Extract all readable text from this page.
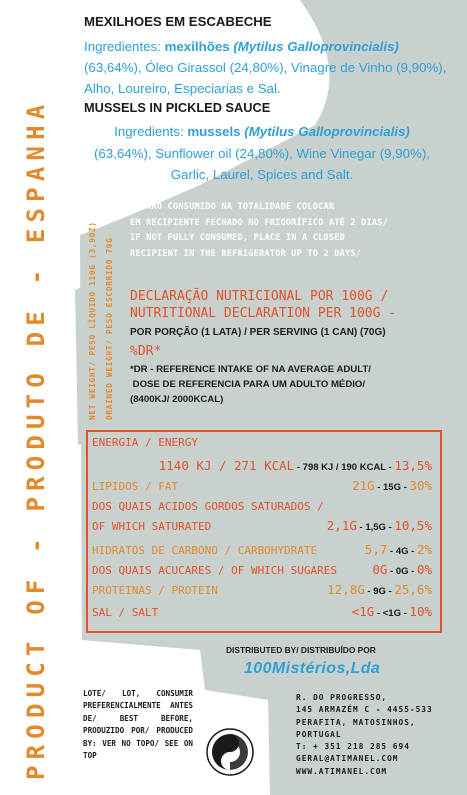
PRODUCT OF - PRODUTO DE - ESPANHA	NET WEIGHT/ PESO LÍQUIDO 110G (3,9OZ)	DRAINED WEIGHT/ PESO ESCORRIDO 70G
MEXILHOES EM ESCABECHE
Ingredientes: mexilhões (Mytilus Galloprovincialis) (63,64%), Óleo Girassol (24,80%), Vinagre de Vinho (9,90%), Alho, Loureiro, Especiarias e Sal.
MUSSELS IN PICKLED SAUCE
Ingredients: mussels (Mytilus Galloprovincialis) (63,64%), Sunflower oil (24,80%), Wine Vinegar (9,90%), Garlic, Laurel, Spices and Salt.
SE NÃO CONSUMIDO NA TOTALIDADE COLOCAR
EM RECIPIENTE FECHADO NO FRIGORÍFICO ATÉ 2 DIAS/
IF NOT FULLY CONSUMED, PLACE IN A CLOSED
RECIPIENT IN THE REFRIGERATOR UP TO 2 DAYS/
DECLARAÇÃO NUTRICIONAL POR 100G /
NUTRITIONAL DECLARATION PER 100G -
POR PORÇÃO (1 LATA) / PER SERVING (1 CAN) (70G)
%DR*
*DR - REFERENCE INTAKE OF NA AVERAGE ADULT/
DOSE DE REFERENCIA PARA UM ADULTO MÉDIO/
(8400KJ/ 2000KCAL)
ENERGIA / ENERGY
1140 KJ / 271 KCAL - 798 KJ / 190 KCAL - 13,5%
LIPIDOS / FAT	21G - 15G - 30%
DOS QUAIS ACIDOS GORDOS SATURADOS /
OF WHICH SATURATED	2,1G - 1,5G - 10,5%
HIDRATOS DE CARBONO / CARBOHYDRATE	5,7 - 4G - 2%
DOS QUAIS ACUCARES / OF WHICH SUGARES	0G - 0G - 0%
PROTEINAS / PROTEIN	12,8G - 9G - 25,6%
SAL / SALT	<1G - <1G - 10%
DISTRIBUTED BY/ DISTRIBUÍDO POR
100Mistérios,Lda
LOTE/ LOT, CONSUMIR PREFERENCIALMENTE ANTES DE/ BEST BEFORE, PRODUZIDO POR/ PRODUCED BY: VER NO TOPO/ SEE ON TOP
R. DO PROGRESSO,
145 ARMAZÉM C - 4455-533
PERAFITA, MATOSINHOS,
PORTUGAL
T: + 351 218 285 694
GERAL@ATIMANEL.COM
WWW.ATIMANEL.COM
